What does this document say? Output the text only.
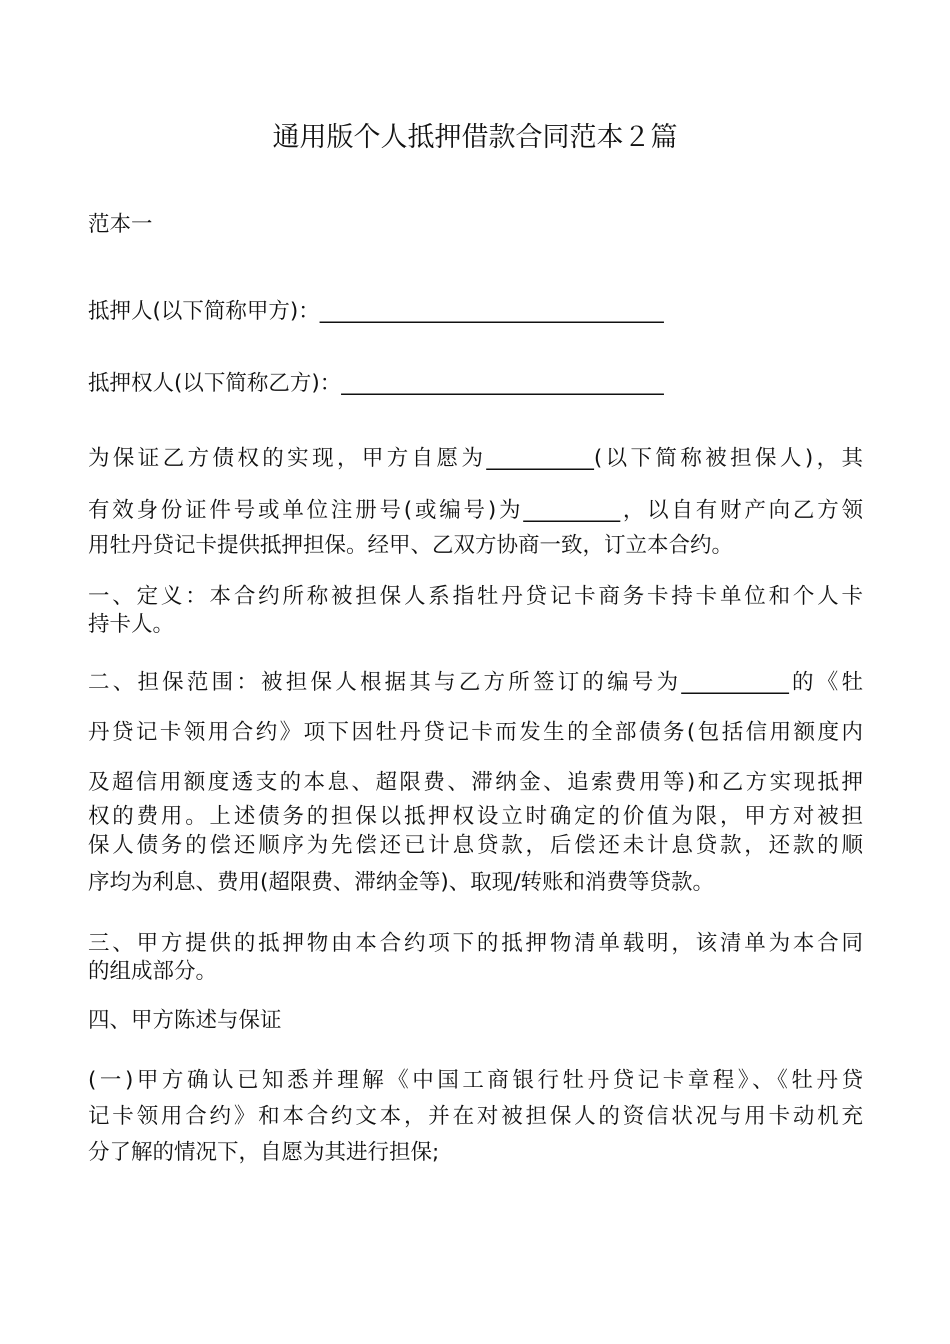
通用版个人抵押借款合同范本２篇

范本一

抵押人(以下简称甲方)：________________________________

抵押权人(以下简称乙方)：______________________________

为保证乙方债权的实现，甲方自愿为__________(以下简称被担保人)，其
有效身份证件号或单位注册号(或编号)为_________，以自有财产向乙方领
用牡丹贷记卡提供抵押担保。经甲、乙双方协商一致，订立本合约。
一、定义：本合约所称被担保人系指牡丹贷记卡商务卡持卡单位和个人卡
持卡人。
二、担保范围：被担保人根据其与乙方所签订的编号为__________的《牡
丹贷记卡领用合约》项下因牡丹贷记卡而发生的全部债务(包括信用额度内
及超信用额度透支的本息、超限费、滞纳金、追索费用等)和乙方实现抵押
权的费用。上述债务的担保以抵押权设立时确定的价值为限，甲方对被担
保人债务的偿还顺序为先偿还已计息贷款，后偿还未计息贷款，还款的顺
序均为利息、费用(超限费、滞纳金等)、取现/转账和消费等贷款。
三、甲方提供的抵押物由本合约项下的抵押物清单载明，该清单为本合同
的组成部分。

四、甲方陈述与保证

(一)甲方确认已知悉并理解《中国工商银行牡丹贷记卡章程》、《牡丹贷
记卡领用合约》和本合约文本，并在对被担保人的资信状况与用卡动机充
分了解的情况下，自愿为其进行担保;
